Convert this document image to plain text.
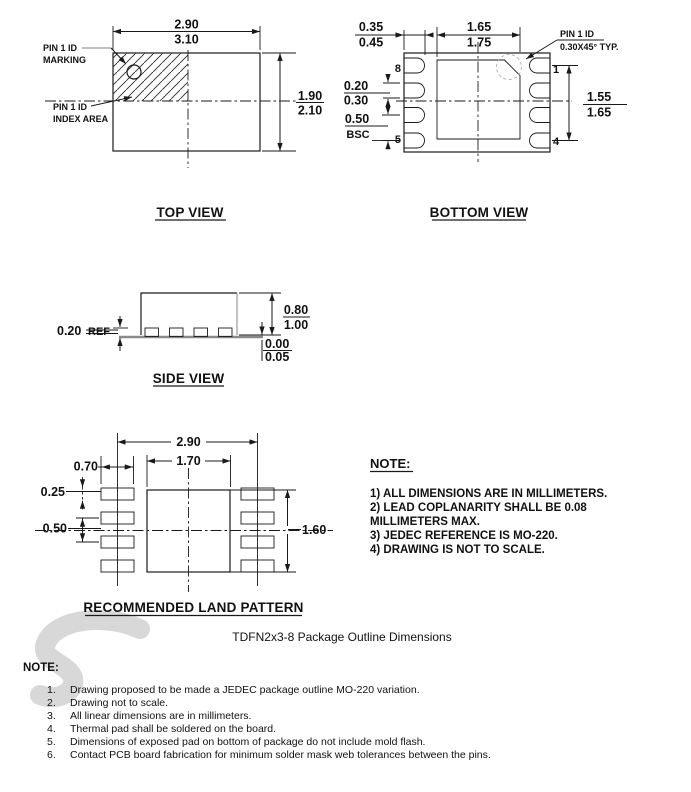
2.90
3.10
1.90
2.10
PIN 1 ID
MARKING
PIN 1 ID
INDEX AREA
TOP VIEW
8	1
5	4
0.35
0.45
1.65
1.75
PIN 1 ID
0.30X45° TYP.
0.20
0.30
0.50
BSC
1.55
1.65
BOTTOM VIEW
0.20 REF
0.80
1.00
0.00
0.05
SIDE VIEW
2.90
1.70
0.70
0.25
0.50	1.60
RECOMMENDED LAND PATTERN
NOTE:
1) ALL DIMENSIONS ARE IN MILLIMETERS.
2) LEAD COPLANARITY SHALL BE 0.08
MILLIMETERS MAX.
3) JEDEC REFERENCE IS MO-220.
4) DRAWING IS NOT TO SCALE.
TDFN2x3-8 Package Outline Dimensions
NOTE:
1. Drawing proposed to be made a JEDEC package outline MO-220 variation.
2. Drawing not to scale.
3. All linear dimensions are in millimeters.
4. Thermal pad shall be soldered on the board.
5. Dimensions of exposed pad on bottom of package do not include mold flash.
6. Contact PCB board fabrication for minimum solder mask web tolerances between the pins.
